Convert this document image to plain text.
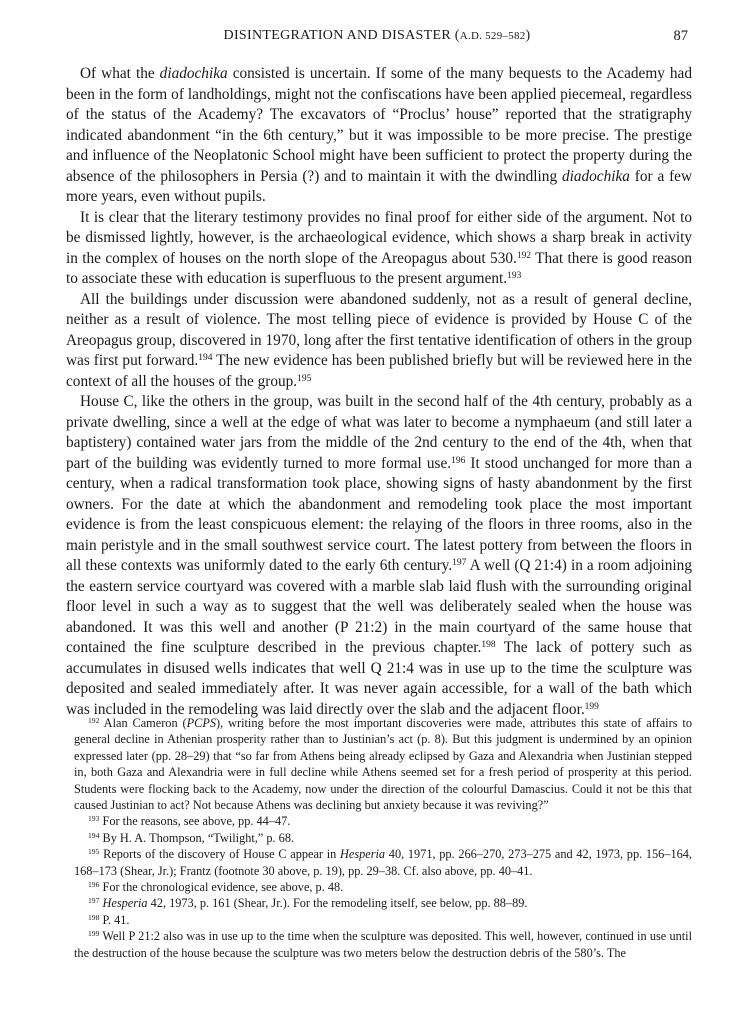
DISINTEGRATION AND DISASTER (A.D. 529–582)	87

Of what the diadochika consisted is uncertain. If some of the many bequests to the Academy had been in the form of landholdings, might not the confiscations have been applied piecemeal, regardless of the status of the Academy? The excavators of “Proclus’ house” reported that the stratigraphy indicated abandonment “in the 6th century,” but it was impossible to be more precise. The prestige and influence of the Neoplatonic School might have been sufficient to protect the property during the absence of the philosophers in Persia (?) and to maintain it with the dwindling diadochika for a few more years, even without pupils.

It is clear that the literary testimony provides no final proof for either side of the argument. Not to be dismissed lightly, however, is the archaeological evidence, which shows a sharp break in activity in the complex of houses on the north slope of the Areopagus about 530.$^{192}$ That there is good reason to associate these with education is superfluous to the present argument.$^{193}$

All the buildings under discussion were abandoned suddenly, not as a result of general decline, neither as a result of violence. The most telling piece of evidence is provided by House C of the Areopagus group, discovered in 1970, long after the first tentative identification of others in the group was first put forward.$^{194}$ The new evidence has been published briefly but will be reviewed here in the context of all the houses of the group.$^{195}$

House C, like the others in the group, was built in the second half of the 4th century, probably as a private dwelling, since a well at the edge of what was later to become a nymphaeum (and still later a baptistery) contained water jars from the middle of the 2nd century to the end of the 4th, when that part of the building was evidently turned to more formal use.$^{196}$ It stood unchanged for more than a century, when a radical transformation took place, showing signs of hasty abandonment by the first owners. For the date at which the abandonment and remodeling took place the most important evidence is from the least conspicuous element: the relaying of the floors in three rooms, also in the main peristyle and in the small southwest service court. The latest pottery from between the floors in all these contexts was uniformly dated to the early 6th century.$^{197}$ A well (Q 21:4) in a room adjoining the eastern service courtyard was covered with a marble slab laid flush with the surrounding original floor level in such a way as to suggest that the well was deliberately sealed when the house was abandoned. It was this well and another (P 21:2) in the main courtyard of the same house that contained the fine sculpture described in the previous chapter.$^{198}$ The lack of pottery such as accumulates in disused wells indicates that well Q 21:4 was in use up to the time the sculpture was deposited and sealed immediately after. It was never again accessible, for a wall of the bath which was included in the remodeling was laid directly over the slab and the adjacent floor.$^{199}$

$^{192}$ Alan Cameron (PCPS), writing before the most important discoveries were made, attributes this state of affairs to general decline in Athenian prosperity rather than to Justinian’s act (p. 8). But this judgment is undermined by an opinion expressed later (pp. 28–29) that “so far from Athens being already eclipsed by Gaza and Alexandria when Justinian stepped in, both Gaza and Alexandria were in full decline while Athens seemed set for a fresh period of prosperity at this period. Students were flocking back to the Academy, now under the direction of the colourful Damascius. Could it not be this that caused Justinian to act? Not because Athens was declining but anxiety because it was reviving?”

$^{193}$ For the reasons, see above, pp. 44–47.

$^{194}$ By H. A. Thompson, “Twilight,” p. 68.

$^{195}$ Reports of the discovery of House C appear in Hesperia 40, 1971, pp. 266–270, 273–275 and 42, 1973, pp. 156–164, 168–173 (Shear, Jr.); Frantz (footnote 30 above, p. 19), pp. 29–38. Cf. also above, pp. 40–41.

$^{196}$ For the chronological evidence, see above, p. 48.

$^{197}$ Hesperia 42, 1973, p. 161 (Shear, Jr.). For the remodeling itself, see below, pp. 88–89.

$^{198}$ P. 41.

$^{199}$ Well P 21:2 also was in use up to the time when the sculpture was deposited. This well, however, continued in use until the destruction of the house because the sculpture was two meters below the destruction debris of the 580’s. The
